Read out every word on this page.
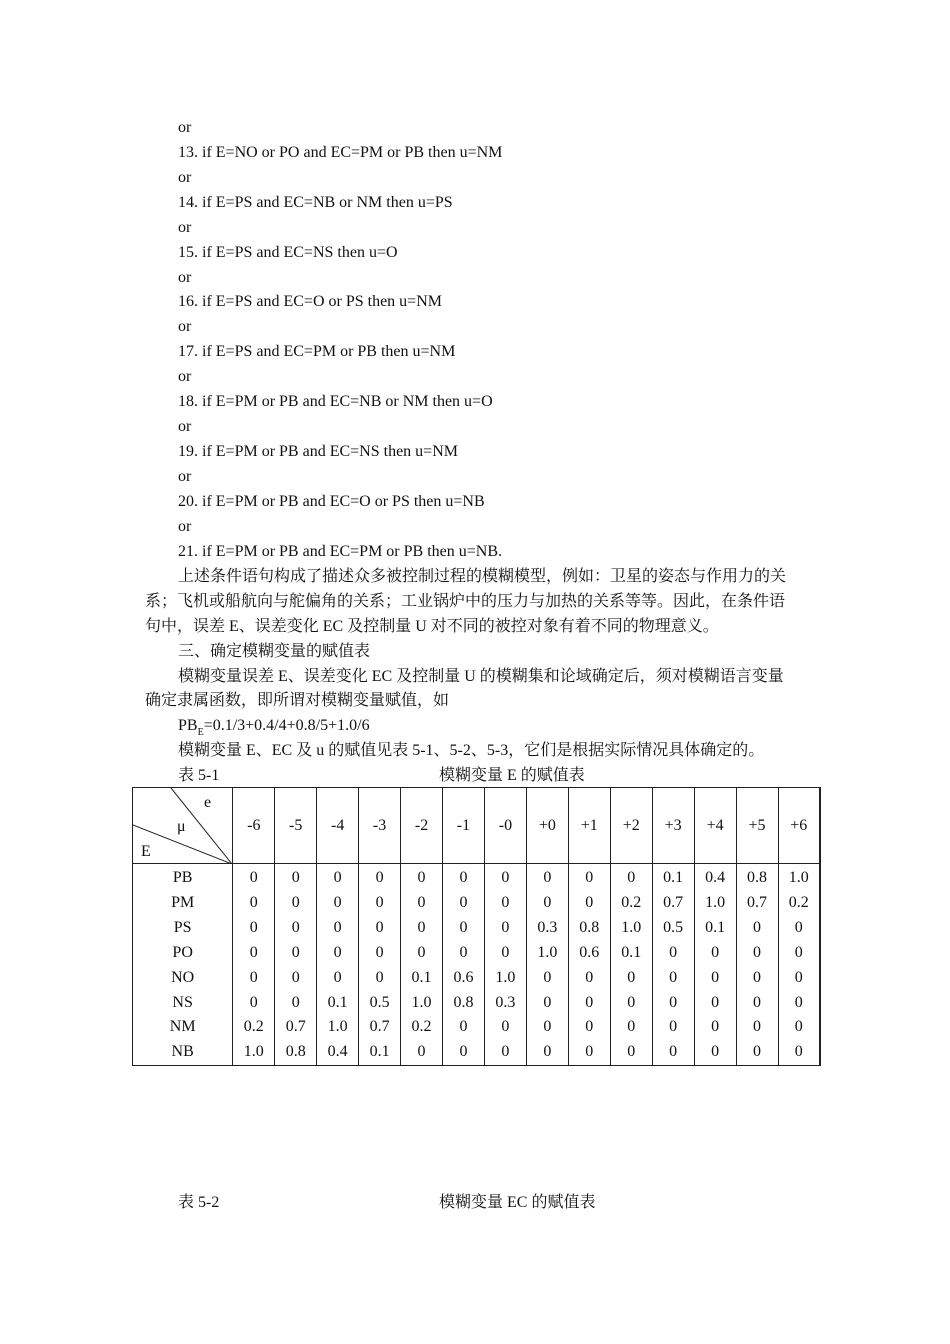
or
13. if E=NO or PO and EC=PM or PB then u=NM
or
14. if E=PS and EC=NB or NM then u=PS
or
15. if E=PS and EC=NS then u=O
or
16. if E=PS and EC=O or PS then u=NM
or
17. if E=PS and EC=PM or PB then u=NM
or
18. if E=PM or PB and EC=NB or NM then u=O
or
19. if E=PM or PB and EC=NS then u=NM
or
20. if E=PM or PB and EC=O or PS then u=NB
or
21. if E=PM or PB and EC=PM or PB then u=NB.
上述条件语句构成了描述众多被控制过程的模糊模型，例如：卫星的姿态与作用力的关
系；飞机或船航向与舵偏角的关系；工业锅炉中的压力与加热的关系等等。因此，在条件语
句中，误差 E、误差变化 EC 及控制量 U 对不同的被控对象有着不同的物理意义。
三、确定模糊变量的赋值表
模糊变量误差 E、误差变化 EC 及控制量 U 的模糊集和论域确定后，须对模糊语言变量
确定隶属函数，即所谓对模糊变量赋值，如
$PB_E=0.1/3+0.4/4+0.8/5+1.0/6$
模糊变量 E、EC 及 u 的赋值见表 5-1、5-2、5-3，它们是根据实际情况具体确定的。
表 5-1	模糊变量 E 的赋值表
e
μ
E	-6	-5	-4	-3	-2	-1	-0	+0	+1	+2	+3	+4	+5	+6
PB	0	0	0	0	0	0	0	0	0	0	0.1	0.4	0.8	1.0
PM	0	0	0	0	0	0	0	0	0	0.2	0.7	1.0	0.7	0.2
PS	0	0	0	0	0	0	0	0.3	0.8	1.0	0.5	0.1	0	0
PO	0	0	0	0	0	0	0	1.0	0.6	0.1	0	0	0	0
NO	0	0	0	0	0.1	0.6	1.0	0	0	0	0	0	0	0
NS	0	0	0.1	0.5	1.0	0.8	0.3	0	0	0	0	0	0	0
NM	0.2	0.7	1.0	0.7	0.2	0	0	0	0	0	0	0	0	0
NB	1.0	0.8	0.4	0.1	0	0	0	0	0	0	0	0	0	0
表 5-2	模糊变量 EC 的赋值表
